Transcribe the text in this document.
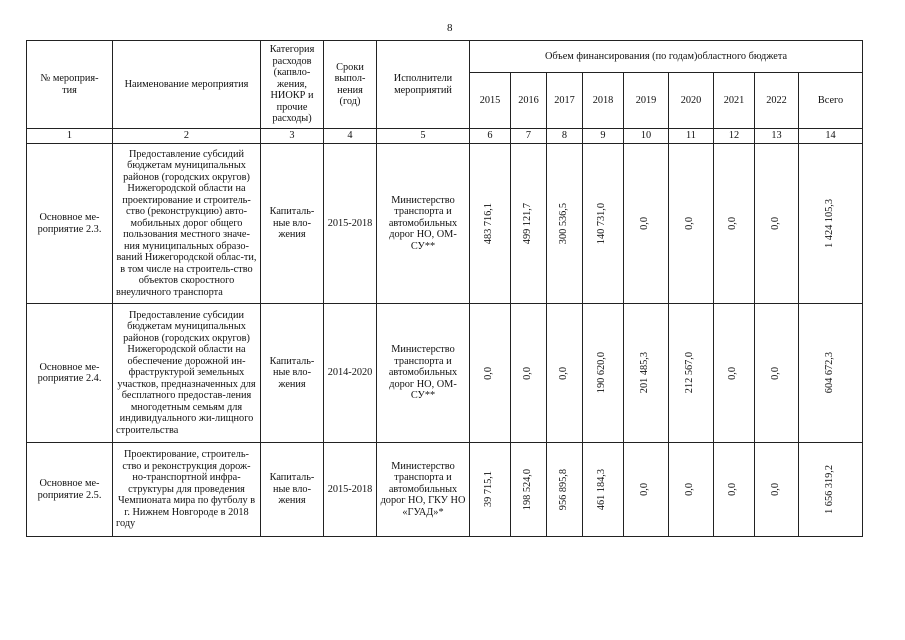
8
№ мероприя-
тия	Наименование мероприятия	Категория расходов (капвло-жения, НИОКР и прочие расходы)	Сроки выпол-нения (год)	Исполнители мероприятий	Объем финансирования (по годам)областного бюджета								
					2015	2016	2017	2018	2019	2020	2021	2022	Всего
1	2	3	4	5	6	7	8	9	10	11	12	13	14
Основное ме-роприятие 2.3.	Предоставление субсидий бюджетам муниципальных районов (городских округов) Нижегородской области на проектирование и строитель-ство (реконструкцию) авто-мобильных дорог общего пользования местного значе-ния муниципальных образо-ваний Нижегородской облас-ти, в том числе на строитель-ство объектов скоростного внеуличного транспорта	Капиталь-ные вло-жения	2015-2018	Министерство транспорта и автомобильных дорог НО, ОМ-СУ**	483 716,1	499 121,7	300 536,5	140 731,0	0,0	0,0	0,0	0,0	1 424 105,3

Основное ме-роприятие 2.4.	Предоставление субсидии бюджетам муниципальных районов (городских округов) Нижегородской области на обеспечение дорожной ин-фраструктурой земельных участков, предназначенных для бесплатного предостав-ления многодетным семьям для индивидуального жи-лищного строительства	Капиталь-ные вло-жения	2014-2020	Министерство транспорта и автомобильных дорог НО, ОМ-СУ**	0,0	0,0	0,0	190 620,0	201 485,3	212 567,0	0,0	0,0	604 672,3

Основное ме-роприятие 2.5.	Проектирование, строитель-ство и реконструкция дорож-но-транспортной инфра-структуры для проведения Чемпионата мира по футболу в г. Нижнем Новгороде в 2018 году	Капиталь-ные вло-жения	2015-2018	Министерство транспорта и автомобильных дорог НО, ГКУ НО «ГУАД»*	39 715,1	198 524,0	956 895,8	461 184,3	0,0	0,0	0,0	0,0	1 656 319,2
